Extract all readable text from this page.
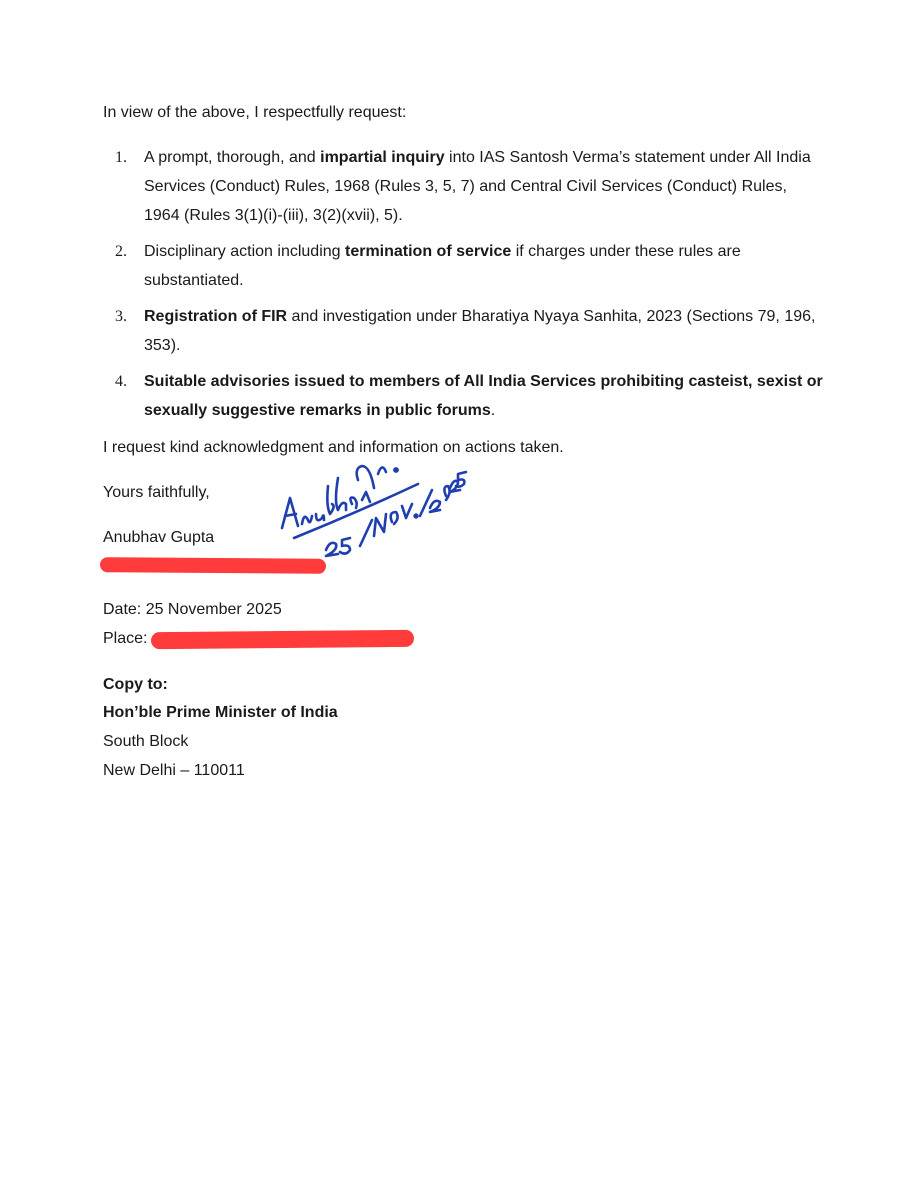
In view of the above, I respectfully request:

1. A prompt, thorough, and impartial inquiry into IAS Santosh Verma’s statement under All India Services (Conduct) Rules, 1968 (Rules 3, 5, 7) and Central Civil Services (Conduct) Rules, 1964 (Rules 3(1)(i)-(iii), 3(2)(xvii), 5).
2. Disciplinary action including termination of service if charges under these rules are substantiated.
3. Registration of FIR and investigation under Bharatiya Nyaya Sanhita, 2023 (Sections 79, 196, 353).
4. Suitable advisories issued to members of All India Services prohibiting casteist, sexist or sexually suggestive remarks in public forums.

I request kind acknowledgment and information on actions taken.

Yours faithfully,

Anubhav Gupta

Date: 25 November 2025

Place:

Copy to:

Hon’ble Prime Minister of India

South Block

New Delhi – 110011
